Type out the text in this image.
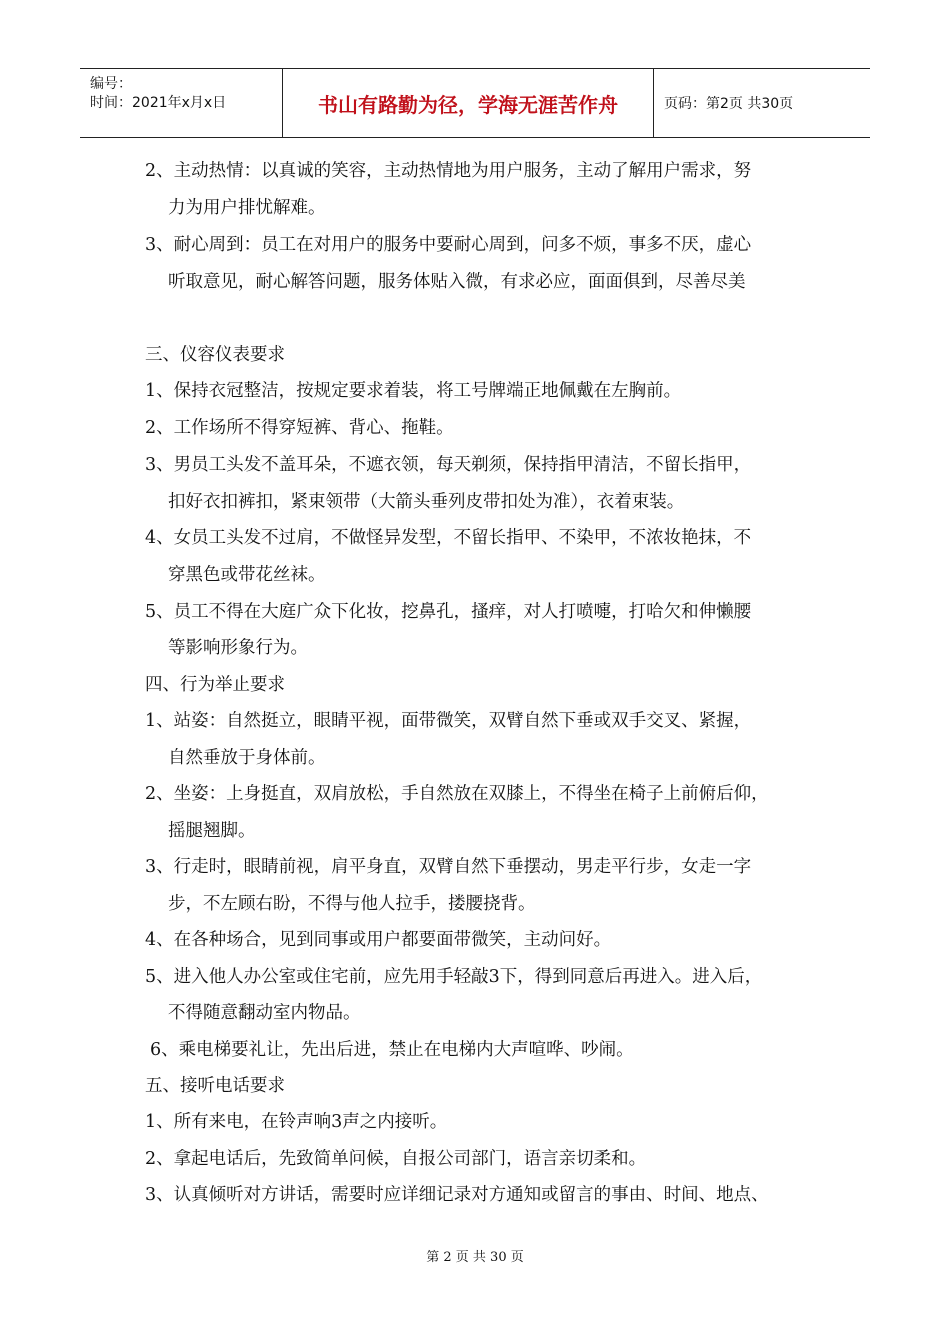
编号：
时间：2021年x月x日	书山有路勤为径，学海无涯苦作舟	页码：第2页 共30页
2、主动热情：以真诚的笑容，主动热情地为用户服务，主动了解用户需求，努
力为用户排忧解难。
3、耐心周到：员工在对用户的服务中要耐心周到，问多不烦，事多不厌，虚心
听取意见，耐心解答问题，服务体贴入微，有求必应，面面俱到，尽善尽美
三、仪容仪表要求
1、保持衣冠整洁，按规定要求着装，将工号牌端正地佩戴在左胸前。
2、工作场所不得穿短裤、背心、拖鞋。
3、男员工头发不盖耳朵，不遮衣领，每天剃须，保持指甲清洁，不留长指甲，
扣好衣扣裤扣，紧束领带（大箭头垂列皮带扣处为准），衣着束装。
4、女员工头发不过肩，不做怪异发型，不留长指甲、不染甲，不浓妆艳抹，不
穿黑色或带花丝袜。
5、员工不得在大庭广众下化妆，挖鼻孔，搔痒，对人打喷嚏，打哈欠和伸懒腰
等影响形象行为。
四、行为举止要求
1、站姿：自然挺立，眼睛平视，面带微笑，双臂自然下垂或双手交叉、紧握，
自然垂放于身体前。
2、坐姿：上身挺直，双肩放松，手自然放在双膝上，不得坐在椅子上前俯后仰，
摇腿翘脚。
3、行走时，眼睛前视，肩平身直，双臂自然下垂摆动，男走平行步，女走一字
步，不左顾右盼，不得与他人拉手，搂腰挠背。
4、在各种场合，见到同事或用户都要面带微笑，主动问好。
5、进入他人办公室或住宅前，应先用手轻敲3下，得到同意后再进入。进入后，
不得随意翻动室内物品。
6、乘电梯要礼让，先出后进，禁止在电梯内大声喧哗、吵闹。
五、接听电话要求
1、所有来电，在铃声响3声之内接听。
2、拿起电话后，先致简单问候，自报公司部门，语言亲切柔和。
3、认真倾听对方讲话，需要时应详细记录对方通知或留言的事由、时间、地点、
第 2 页 共 30 页
